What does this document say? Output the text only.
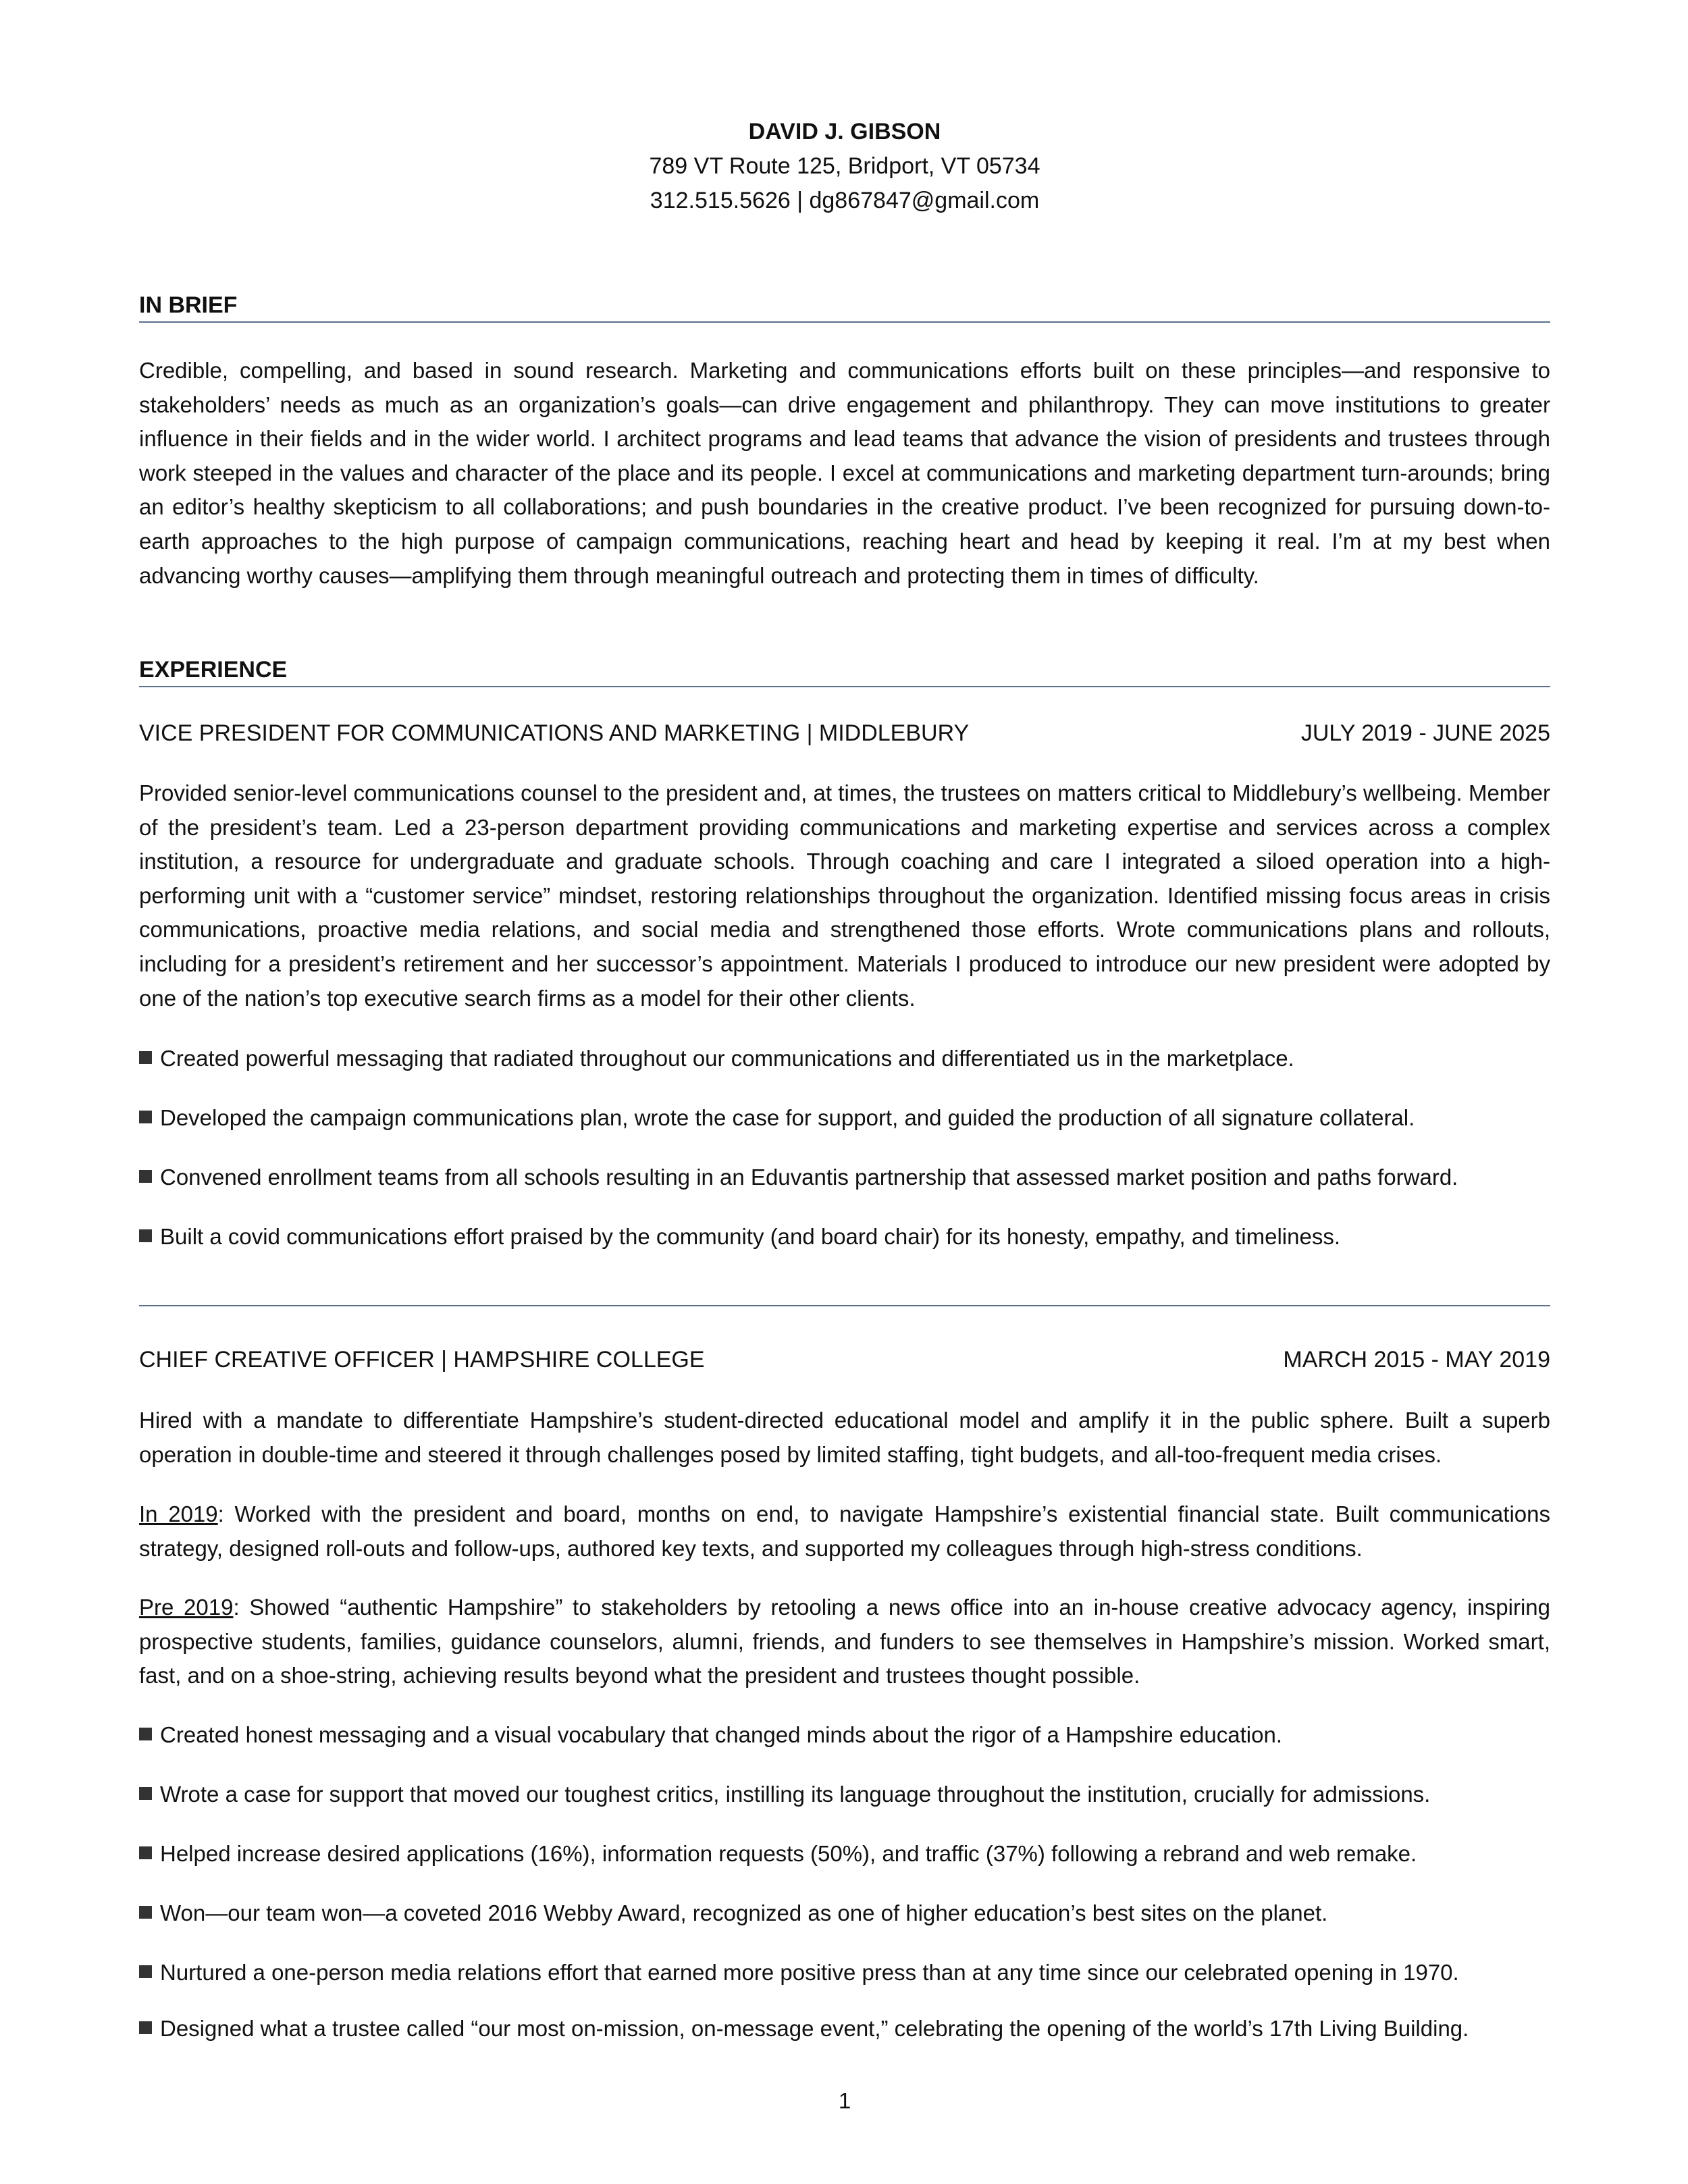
DAVID J. GIBSON
789 VT Route 125, Bridport, VT 05734
312.515.5626 | dg867847@gmail.com
IN BRIEF
Credible, compelling, and based in sound research. Marketing and communications efforts built on these principles—and responsive to stakeholders’ needs as much as an organization’s goals—can drive engagement and philanthropy. They can move institutions to greater influence in their fields and in the wider world. I architect programs and lead teams that advance the vision of presidents and trustees through work steeped in the values and character of the place and its people. I excel at communications and marketing department turn-arounds; bring an editor’s healthy skepticism to all collaborations; and push boundaries in the creative product. I’ve been recognized for pursuing down-to-earth approaches to the high purpose of campaign communications, reaching heart and head by keeping it real. I’m at my best when advancing worthy causes—amplifying them through meaningful outreach and protecting them in times of difficulty.
EXPERIENCE
VICE PRESIDENT FOR COMMUNICATIONS AND MARKETING | MIDDLEBURY	JULY 2019 - JUNE 2025
Provided senior-level communications counsel to the president and, at times, the trustees on matters critical to Middlebury’s wellbeing. Member of the president’s team. Led a 23-person department providing communications and marketing expertise and services across a complex institution, a resource for undergraduate and graduate schools. Through coaching and care I integrated a siloed operation into a high-performing unit with a “customer service” mindset, restoring relationships throughout the organization. Identified missing focus areas in crisis communications, proactive media relations, and social media and strengthened those efforts. Wrote communications plans and rollouts, including for a president’s retirement and her successor’s appointment. Materials I produced to introduce our new president were adopted by one of the nation’s top executive search firms as a model for their other clients.
Created powerful messaging that radiated throughout our communications and differentiated us in the marketplace.
Developed the campaign communications plan, wrote the case for support, and guided the production of all signature collateral.
Convened enrollment teams from all schools resulting in an Eduvantis partnership that assessed market position and paths forward.
Built a covid communications effort praised by the community (and board chair) for its honesty, empathy, and timeliness.
CHIEF CREATIVE OFFICER | HAMPSHIRE COLLEGE	MARCH 2015 - MAY 2019
Hired with a mandate to differentiate Hampshire’s student-directed educational model and amplify it in the public sphere. Built a superb operation in double-time and steered it through challenges posed by limited staffing, tight budgets, and all-too-frequent media crises.
In 2019: Worked with the president and board, months on end, to navigate Hampshire’s existential financial state. Built communications strategy, designed roll-outs and follow-ups, authored key texts, and supported my colleagues through high-stress conditions.
Pre 2019: Showed “authentic Hampshire” to stakeholders by retooling a news office into an in-house creative advocacy agency, inspiring prospective students, families, guidance counselors, alumni, friends, and funders to see themselves in Hampshire’s mission. Worked smart, fast, and on a shoe-string, achieving results beyond what the president and trustees thought possible.
Created honest messaging and a visual vocabulary that changed minds about the rigor of a Hampshire education.
Wrote a case for support that moved our toughest critics, instilling its language throughout the institution, crucially for admissions.
Helped increase desired applications (16%), information requests (50%), and traffic (37%) following a rebrand and web remake.
Won—our team won—a coveted 2016 Webby Award, recognized as one of higher education’s best sites on the planet.
Nurtured a one-person media relations effort that earned more positive press than at any time since our celebrated opening in 1970.
Designed what a trustee called “our most on-mission, on-message event,” celebrating the opening of the world’s 17th Living Building.
1
